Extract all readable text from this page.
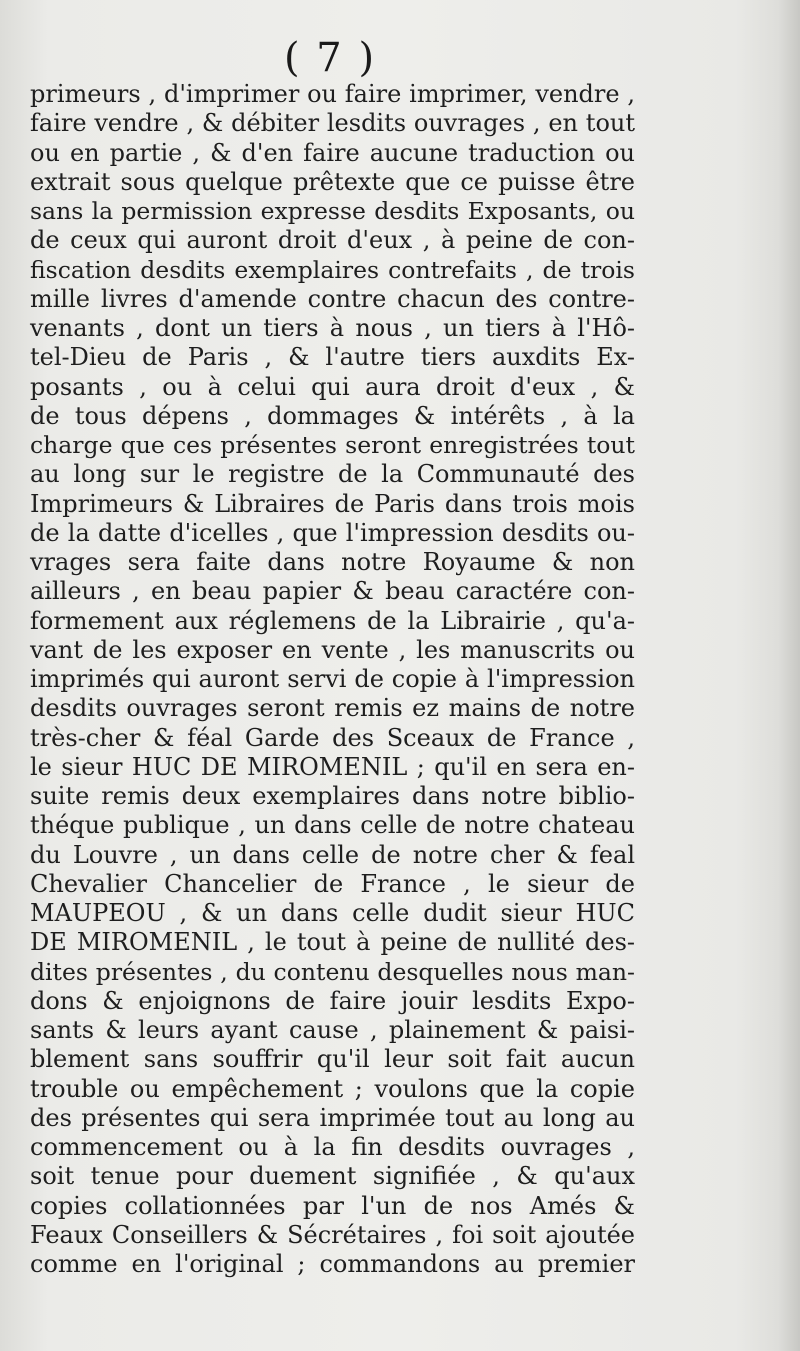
( 7 )
primeurs , d'imprimer ou faire imprimer, vendre ,
faire vendre , & débiter lesdits ouvrages , en tout
ou en partie , & d'en faire aucune traduction ou
extrait sous quelque prêtexte que ce puisse être
sans la permission expresse desdits Exposants, ou
de ceux qui auront droit d'eux , à peine de con-
fiscation desdits exemplaires contrefaits , de trois
mille livres d'amende contre chacun des contre-
venants , dont un tiers à nous , un tiers à l'Hô-
tel-Dieu de Paris , & l'autre tiers auxdits Ex-
posants , ou à celui qui aura droit d'eux , &
de tous dépens , dommages & intérêts , à la
charge que ces présentes seront enregistrées tout
au long sur le registre de la Communauté des
Imprimeurs & Libraires de Paris dans trois mois
de la datte d'icelles , que l'impression desdits ou-
vrages sera faite dans notre Royaume & non
ailleurs , en beau papier & beau caractére con-
formement aux réglemens de la Librairie , qu'a-
vant de les exposer en vente , les manuscrits ou
imprimés qui auront servi de copie à l'impression
desdits ouvrages seront remis ez mains de notre
très-cher & féal Garde des Sceaux de France ,
le sieur HUC DE MIROMENIL ; qu'il en sera en-
suite remis deux exemplaires dans notre biblio-
théque publique , un dans celle de notre chateau
du Louvre , un dans celle de notre cher & feal
Chevalier Chancelier de France , le sieur de
MAUPEOU , & un dans celle dudit sieur HUC
DE MIROMENIL , le tout à peine de nullité des-
dites présentes , du contenu desquelles nous man-
dons & enjoignons de faire jouir lesdits Expo-
sants & leurs ayant cause , plainement & paisi-
blement sans souffrir qu'il leur soit fait aucun
trouble ou empêchement ; voulons que la copie
des présentes qui sera imprimée tout au long au
commencement ou à la fin desdits ouvrages ,
soit tenue pour duement signifiée , & qu'aux
copies collationnées par l'un de nos Amés &
Feaux Conseillers & Sécrétaires , foi soit ajoutée
comme en l'original ; commandons au premier
